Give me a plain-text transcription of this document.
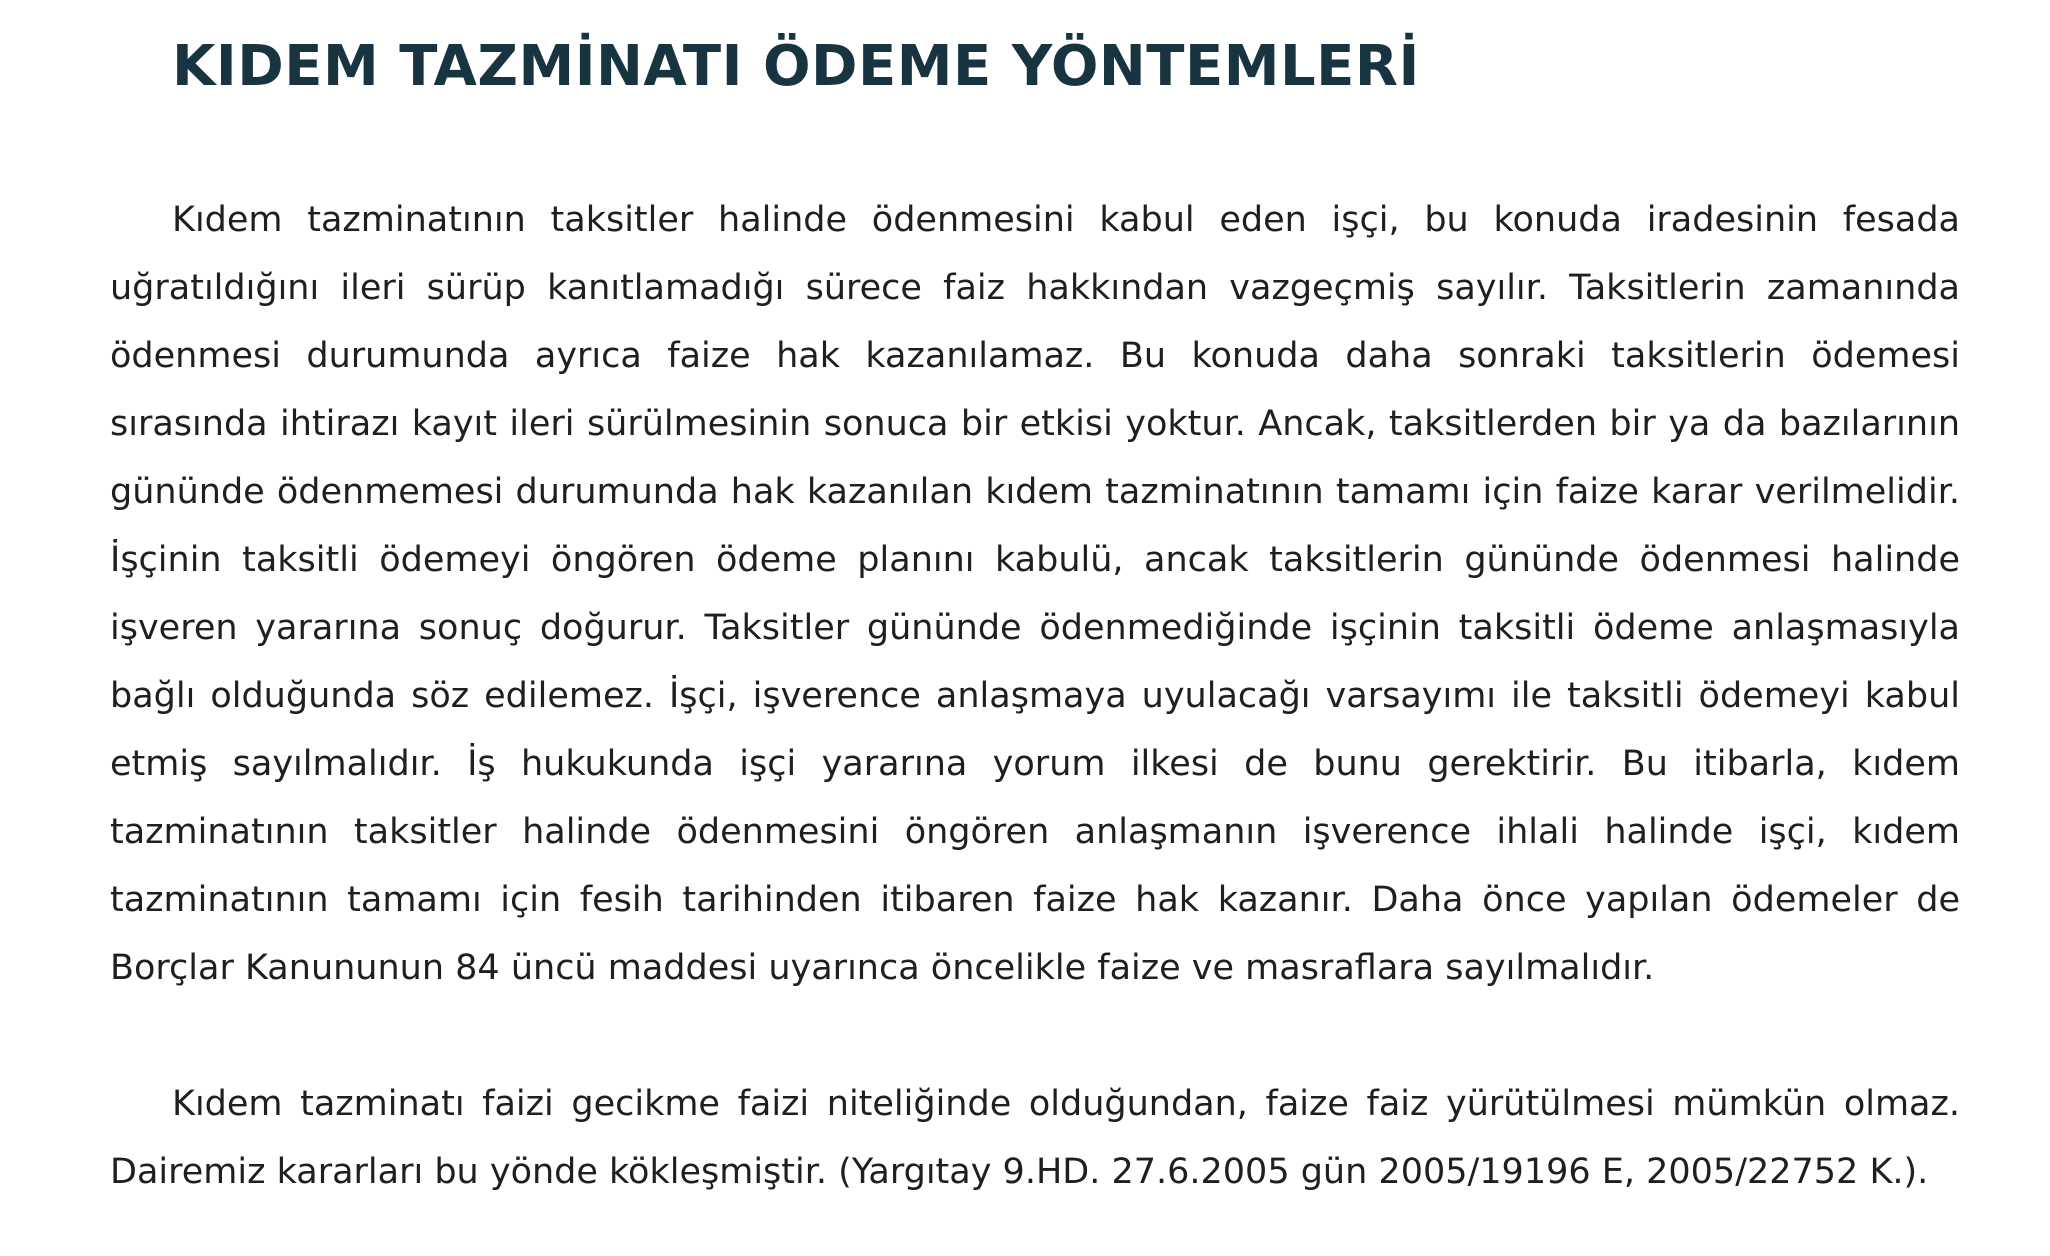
KIDEM TAZMİNATI ÖDEME YÖNTEMLERİ

Kıdem tazminatının taksitler halinde ödenmesini kabul eden işçi, bu konuda iradesinin fesada uğratıldığını ileri sürüp kanıtlamadığı sürece faiz hakkından vazgeçmiş sayılır. Taksitlerin zamanında ödenmesi durumunda ayrıca faize hak kazanılamaz. Bu konuda daha sonraki taksitlerin ödemesi sırasında ihtirazı kayıt ileri sürülmesinin sonuca bir etkisi yoktur. Ancak, taksitlerden bir ya da bazılarının gününde ödenmemesi durumunda hak kazanılan kıdem tazminatının tamamı için faize karar verilmelidir. İşçinin taksitli ödemeyi öngören ödeme planını kabulü, ancak taksitlerin gününde ödenmesi halinde işveren yararına sonuç doğurur. Taksitler gününde ödenmediğinde işçinin taksitli ödeme anlaşmasıyla bağlı olduğunda söz edilemez. İşçi, işverence anlaşmaya uyulacağı varsayımı ile taksitli ödemeyi kabul etmiş sayılmalıdır. İş hukukunda işçi yararına yorum ilkesi de bunu gerektirir. Bu itibarla, kıdem tazminatının taksitler halinde ödenmesini öngören anlaşmanın işverence ihlali halinde işçi, kıdem tazminatının tamamı için fesih tarihinden itibaren faize hak kazanır. Daha önce yapılan ödemeler de Borçlar Kanununun 84 üncü maddesi uyarınca öncelikle faize ve masraflara sayılmalıdır.

Kıdem tazminatı faizi gecikme faizi niteliğinde olduğundan, faize faiz yürütülmesi mümkün olmaz. Dairemiz kararları bu yönde kökleşmiştir. (Yargıtay 9.HD. 27.6.2005 gün 2005/19196 E, 2005/22752 K.).
